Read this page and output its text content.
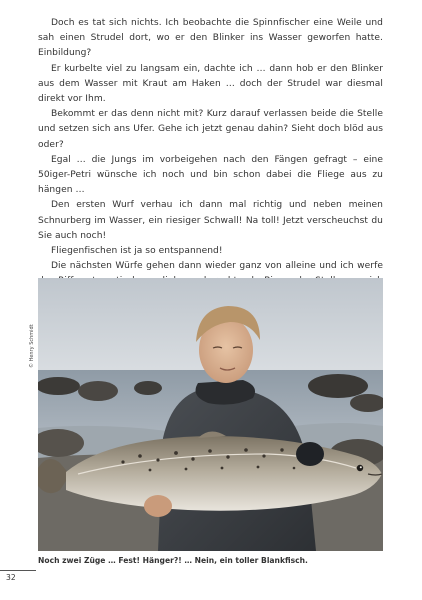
Doch es tat sich nichts. Ich beobachte die Spinnfischer eine Weile und sah einen Strudel dort, wo er den Blinker ins Wasser geworfen hatte. Einbildung?

Er kurbelte viel zu langsam ein, dachte ich … dann hob er den Blinker aus dem Wasser mit Kraut am Haken … doch der Strudel war diesmal direkt vor Ihm.

Bekommt er das denn nicht mit? Kurz darauf verlassen beide die Stelle und setzen sich ans Ufer. Gehe ich jetzt genau dahin? Sieht doch blöd aus oder?

Egal … die Jungs im vorbeigehen nach den Fängen gefragt – eine 50iger-Petri wünsche ich noch und bin schon dabei die Fliege aus zu hängen …

Den ersten Wurf verhau ich dann mal richtig und neben meinen Schnurberg im Wasser, ein riesiger Schwall! Na toll! Jetzt verscheuchst du Sie auch noch!

Fliegenfischen ist ja so entspannend!

Die nächsten Würfe gehen dann wieder ganz von alleine und ich werfe

© Henry Schmidt
Noch zwei Züge … Fest! Hänger?! … Nein, ein toller Blankfisch.
32
